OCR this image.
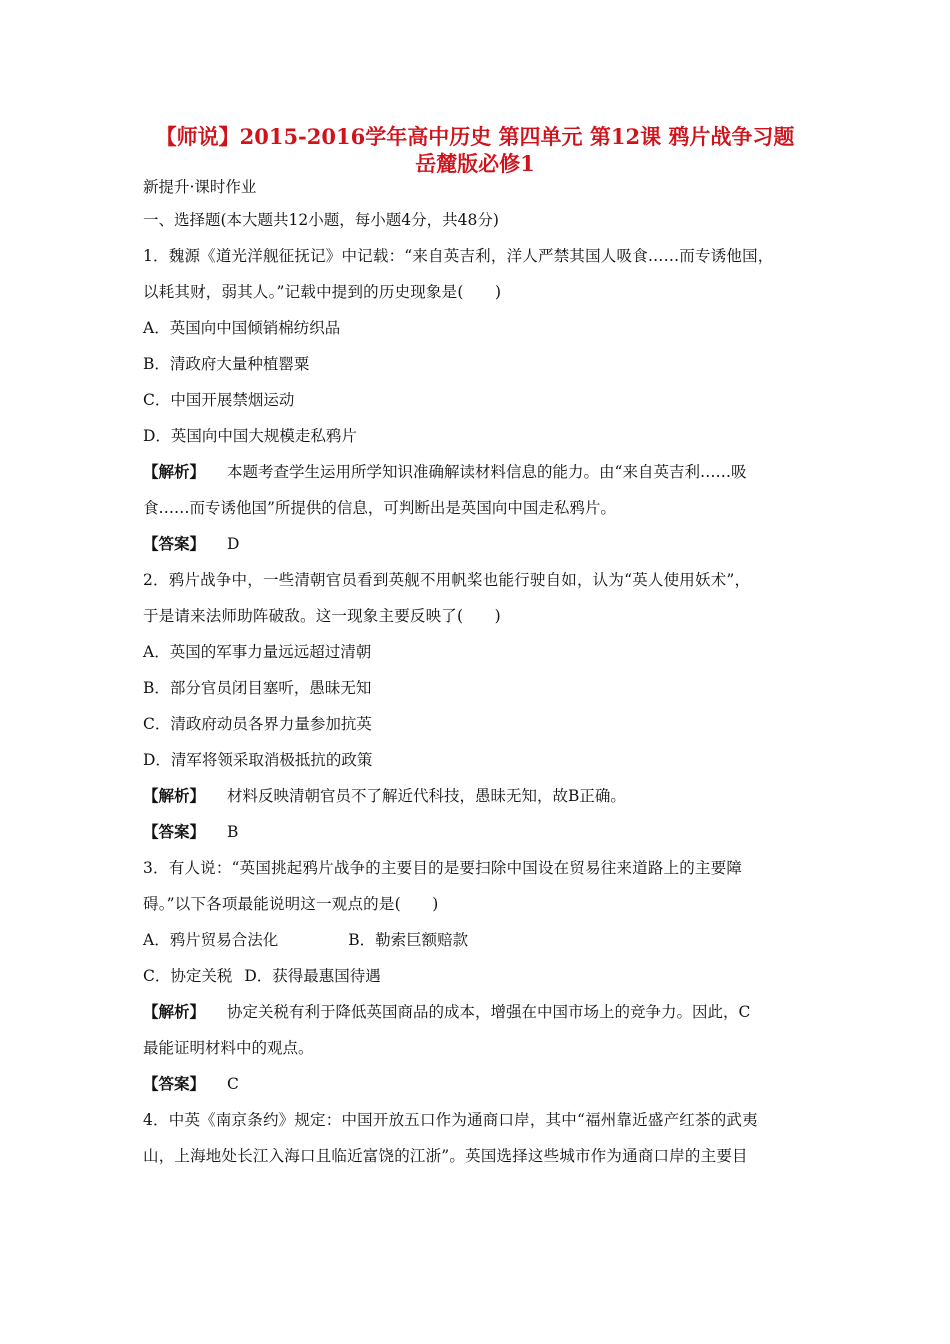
【师说】2015-2016学年高中历史 第四单元 第12课 鸦片战争习题
岳麓版必修1
新提升·课时作业
一、选择题(本大题共12小题，每小题4分，共48分)
1．魏源《道光洋舰征抚记》中记载：“来自英吉利，洋人严禁其国人吸食……而专诱他国，
以耗其财，弱其人。”记载中提到的历史现象是(　　)
A．英国向中国倾销棉纺织品
B．清政府大量种植罂粟
C．中国开展禁烟运动
D．英国向中国大规模走私鸦片
【解析】 本题考查学生运用所学知识准确解读材料信息的能力。由“来自英吉利……吸
食……而专诱他国”所提供的信息，可判断出是英国向中国走私鸦片。
【答案】 D
2．鸦片战争中，一些清朝官员看到英舰不用帆桨也能行驶自如，认为“英人使用妖术”，
于是请来法师助阵破敌。这一现象主要反映了(　　)
A．英国的军事力量远远超过清朝
B．部分官员闭目塞听，愚昧无知
C．清政府动员各界力量参加抗英
D．清军将领采取消极抵抗的政策
【解析】 材料反映清朝官员不了解近代科技，愚昧无知，故B正确。
【答案】 B
3．有人说：“英国挑起鸦片战争的主要目的是要扫除中国设在贸易往来道路上的主要障
碍。”以下各项最能说明这一观点的是(　　)
A．鸦片贸易合法化	B．勒索巨额赔款
C．协定关税 D．获得最惠国待遇
【解析】 协定关税有利于降低英国商品的成本，增强在中国市场上的竞争力。因此，C
最能证明材料中的观点。
【答案】 C
4．中英《南京条约》规定：中国开放五口作为通商口岸，其中“福州靠近盛产红茶的武夷
山，上海地处长江入海口且临近富饶的江浙”。英国选择这些城市作为通商口岸的主要目
